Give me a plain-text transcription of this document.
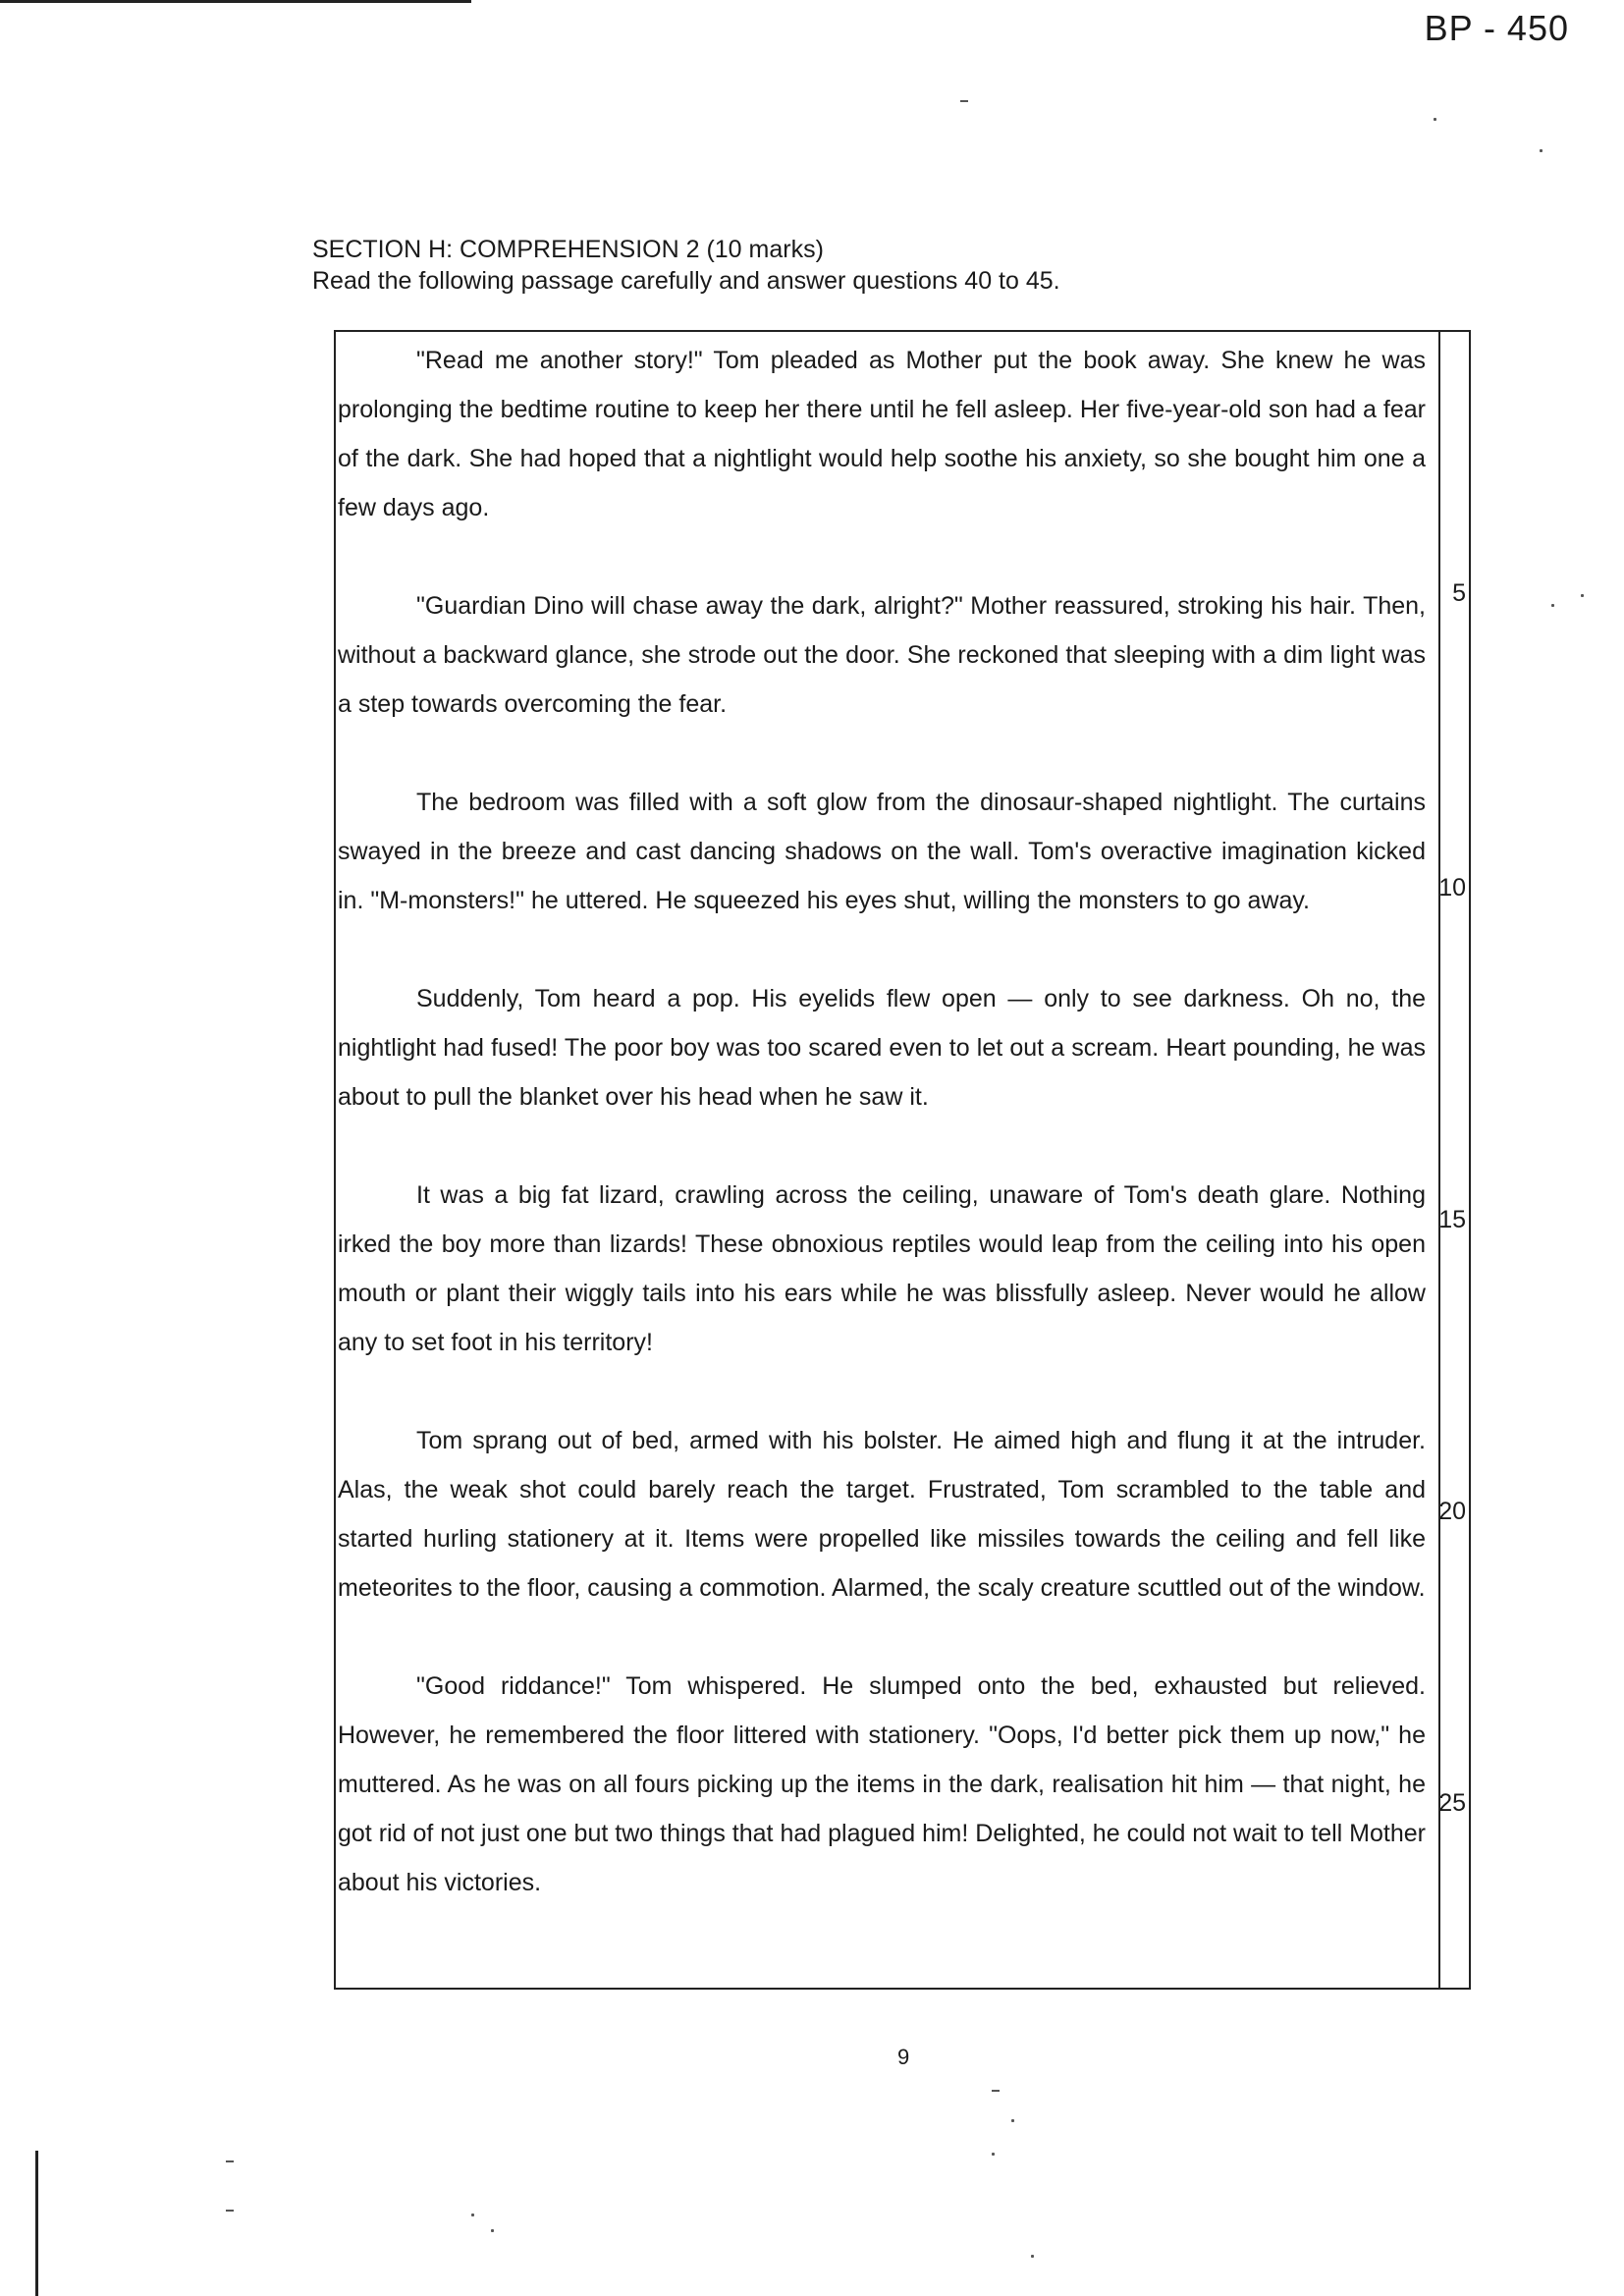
BP - 450
SECTION H: COMPREHENSION 2 (10 marks)
Read the following passage carefully and answer questions 40 to 45.

"Read me another story!" Tom pleaded as Mother put the book away. She knew he was prolonging the bedtime routine to keep her there until he fell asleep. Her five-year-old son had a fear of the dark. She had hoped that a nightlight would help soothe his anxiety, so she bought him one a few days ago.

"Guardian Dino will chase away the dark, alright?" Mother reassured, stroking his hair. Then, without a backward glance, she strode out the door. She reckoned that sleeping with a dim light was a step towards overcoming the fear.

The bedroom was filled with a soft glow from the dinosaur-shaped nightlight. The curtains swayed in the breeze and cast dancing shadows on the wall. Tom's overactive imagination kicked in. "M-monsters!" he uttered. He squeezed his eyes shut, willing the monsters to go away.

Suddenly, Tom heard a pop. His eyelids flew open — only to see darkness. Oh no, the nightlight had fused! The poor boy was too scared even to let out a scream. Heart pounding, he was about to pull the blanket over his head when he saw it.

It was a big fat lizard, crawling across the ceiling, unaware of Tom's death glare. Nothing irked the boy more than lizards! These obnoxious reptiles would leap from the ceiling into his open mouth or plant their wiggly tails into his ears while he was blissfully asleep. Never would he allow any to set foot in his territory!

Tom sprang out of bed, armed with his bolster. He aimed high and flung it at the intruder. Alas, the weak shot could barely reach the target. Frustrated, Tom scrambled to the table and started hurling stationery at it. Items were propelled like missiles towards the ceiling and fell like meteorites to the floor, causing a commotion. Alarmed, the scaly creature scuttled out of the window.

"Good riddance!" Tom whispered. He slumped onto the bed, exhausted but relieved. However, he remembered the floor littered with stationery. "Oops, I'd better pick them up now," he muttered. As he was on all fours picking up the items in the dark, realisation hit him — that night, he got rid of not just one but two things that had plagued him! Delighted, he could not wait to tell Mother about his victories.

5
10
15
20
25
9
